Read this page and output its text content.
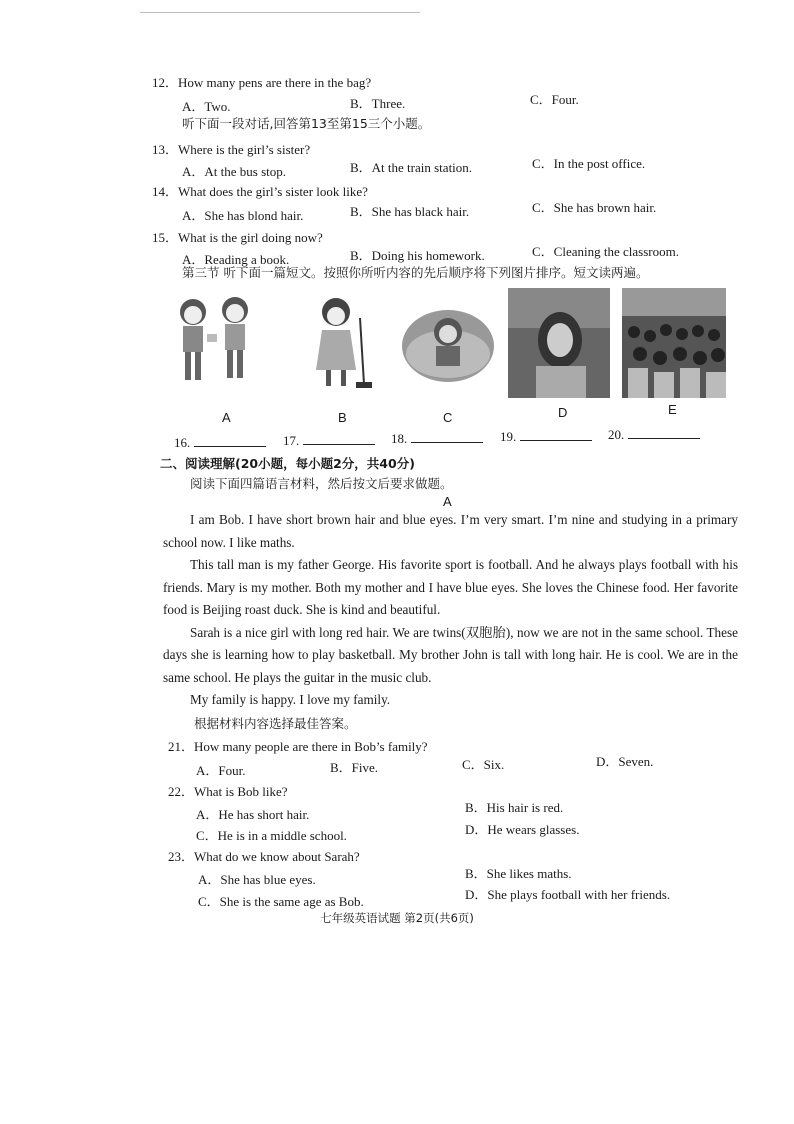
12．How many pens are there in the bag?
A．Two.	B．Three.	C．Four.
听下面一段对话,回答第13至第15三个小题。
13．Where is the girl’s sister?
A．At the bus stop.	B．At the train station.	C．In the post office.
14．What does the girl’s sister look like?
A．She has blond hair.	B．She has black hair.	C．She has brown hair.
15．What is the girl doing now?
A．Reading a book.	B．Doing his homework.	C．Cleaning the classroom.
第三节 听下面一篇短文。按照你所听内容的先后顺序将下列图片排序。短文读两遍。
A	B	C	D	E
16.	17.	18.	19.	20.
二、阅读理解(20小题，每小题2分，共40分)
阅读下面四篇语言材料，然后按文后要求做题。
A

I am Bob. I have short brown hair and blue eyes. I’m very smart. I’m nine and studying in a primary school now. I like maths.

This tall man is my father George. His favorite sport is football. And he always plays football with his friends. Mary is my mother. Both my mother and I have blue eyes. She loves the Chinese food. Her favorite food is Beijing roast duck. She is kind and beautiful.

Sarah is a nice girl with long red hair. We are twins(双胞胎), now we are not in the same school. These days she is learning how to play basketball. My brother John is tall with long hair. He is cool. We are in the same school. He plays the guitar in the music club.

My family is happy. I love my family.

根据材料内容选择最佳答案。
21．How many people are there in Bob’s family?
A．Four.	B．Five.	C．Six.	D．Seven.
22．What is Bob like?
A．He has short hair.	B．His hair is red.
C．He is in a middle school.	D．He wears glasses.
23．What do we know about Sarah?
A．She has blue eyes.	B．She likes maths.
C．She is the same age as Bob.	D．She plays football with her friends.
七年级英语试题 第2页(共6页)
